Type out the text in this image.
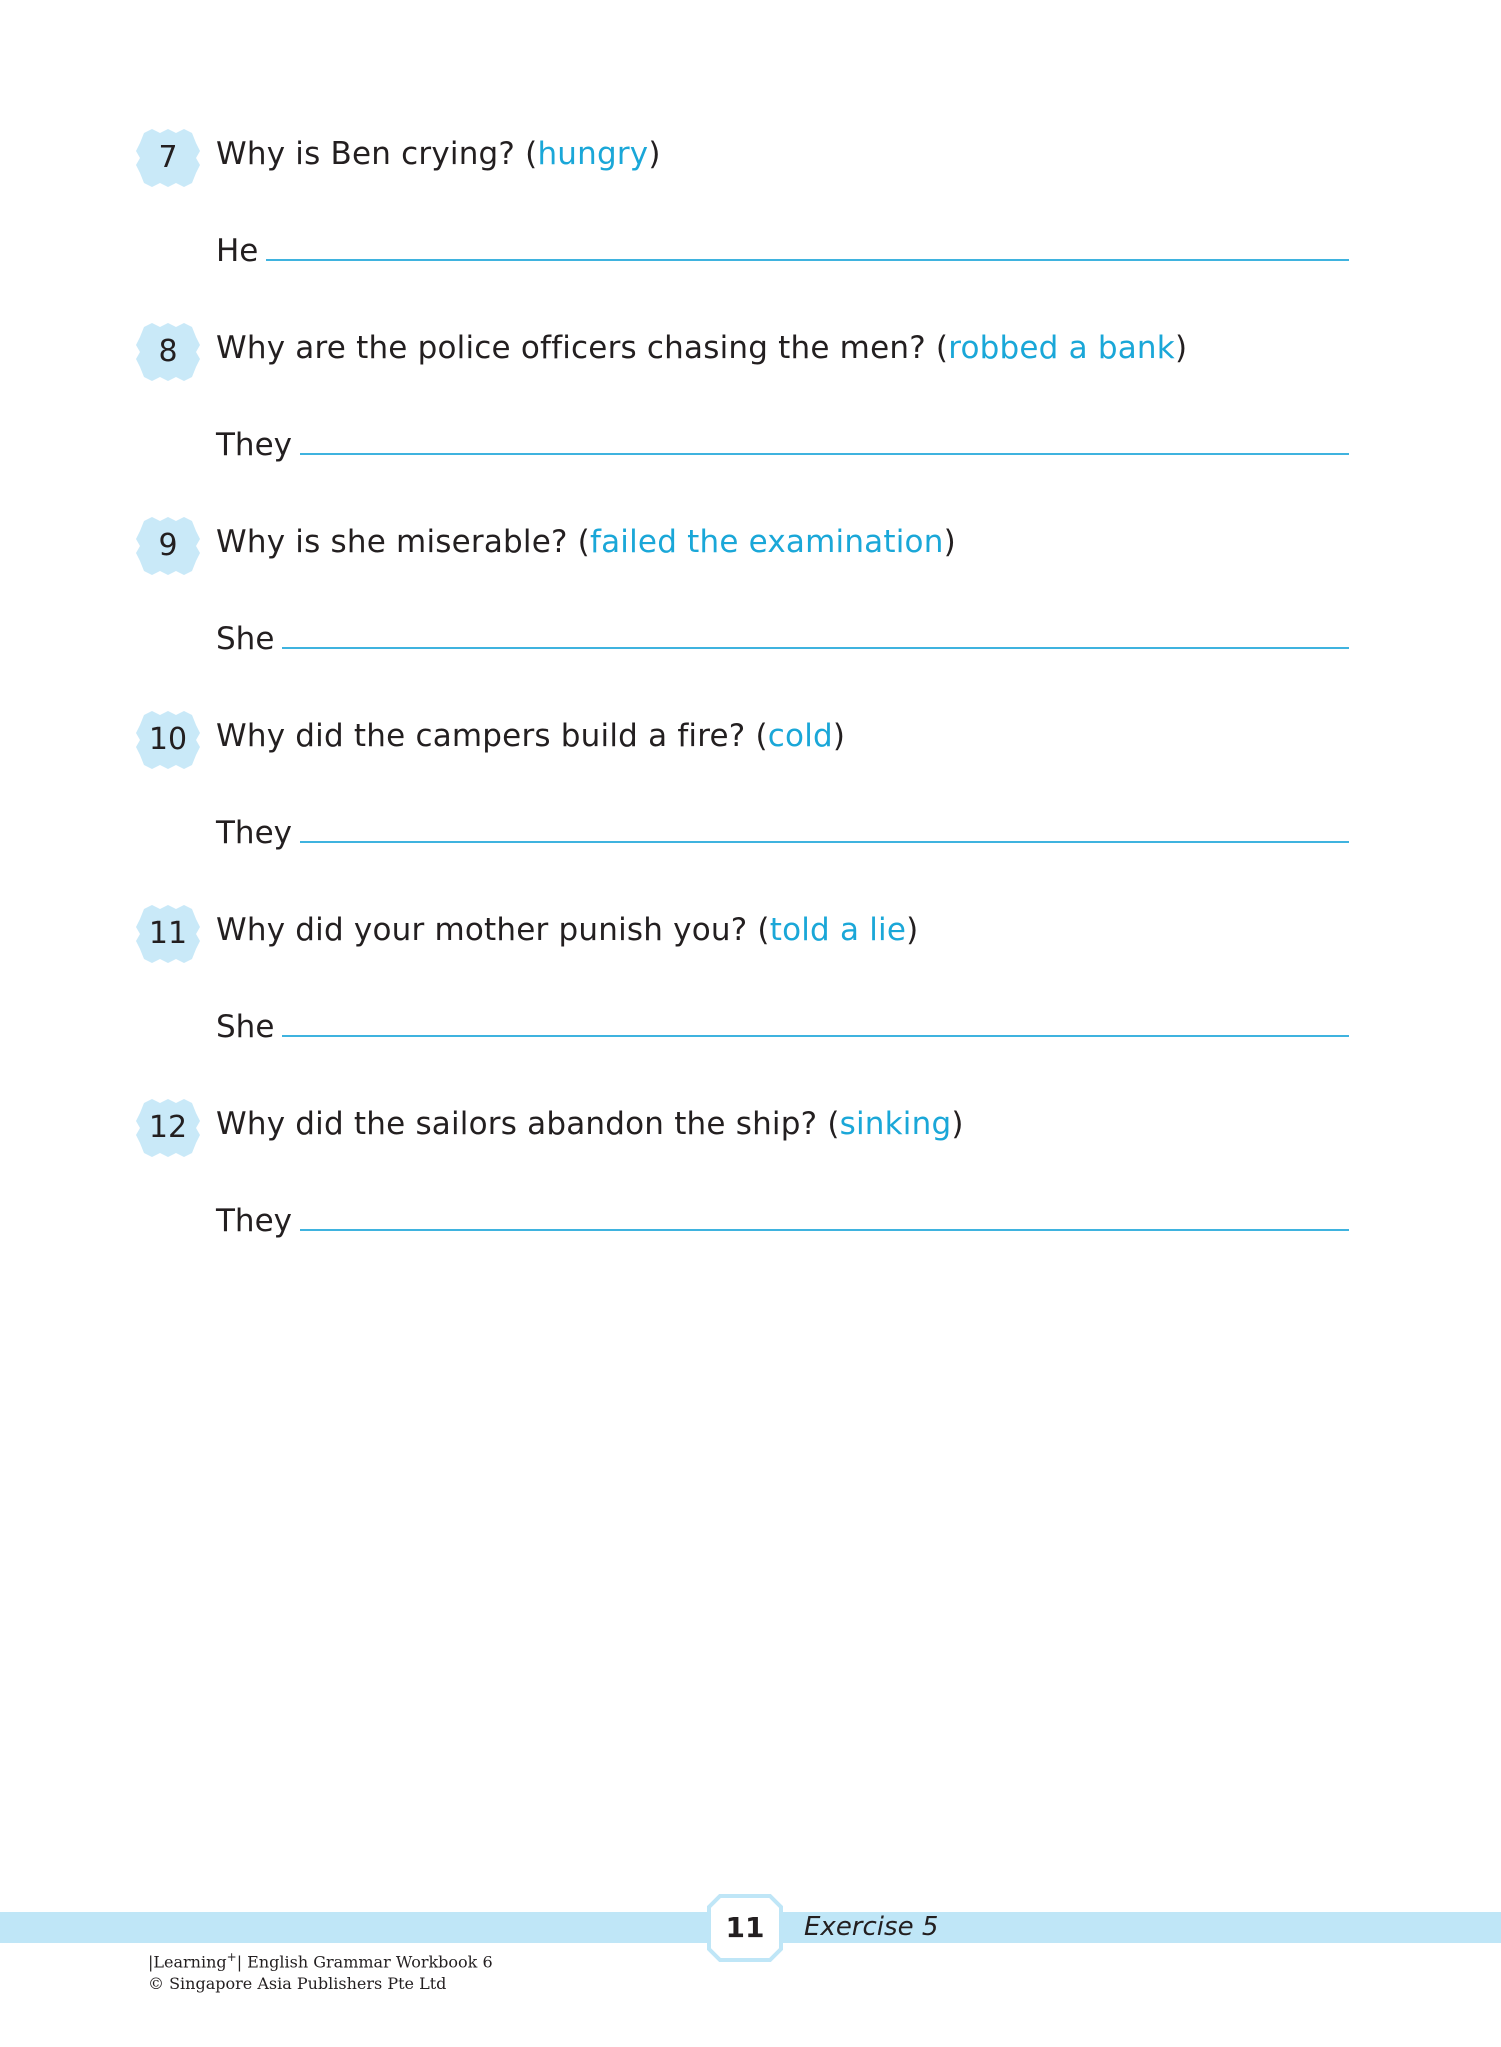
7	Why is Ben crying? (hungry)
He
8	Why are the police officers chasing the men? (robbed a bank)
They
9	Why is she miserable? (failed the examination)
She
10 Why did the campers build a fire? (cold)
They
11 Why did your mother punish you? (told a lie)
She
12 Why did the sailors abandon the ship? (sinking)
They
11	Exercise 5
|Learning+| English Grammar Workbook 6
© Singapore Asia Publishers Pte Ltd
